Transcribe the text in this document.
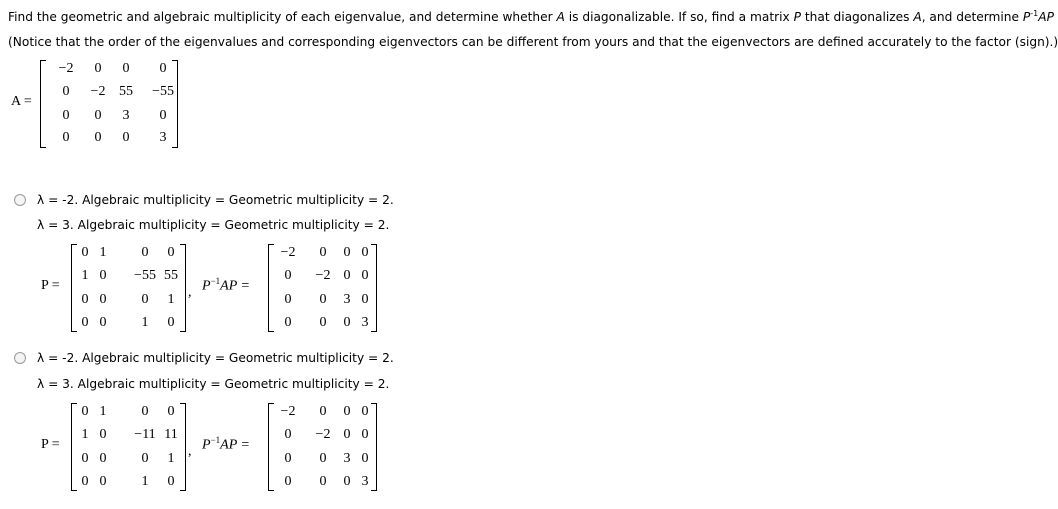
Find the geometric and algebraic multiplicity of each eigenvalue, and determine whether A is diagonalizable. If so, find a matrix P that diagonalizes A, and determine $P^{-1}AP$
(Notice that the order of the eigenvalues and corresponding eigenvectors can be different from yours and that the eigenvectors are defined accurately to the factor (sign).)
A =
−2 0 0 0
0 −2 55 −55
0 0 3 0
0 0 0 3
λ = -2. Algebraic multiplicity = Geometric multiplicity = 2.
λ = 3. Algebraic multiplicity = Geometric multiplicity = 2.
P =	, $P^{-1}AP$ =
0 1	0 0
1 0 −55 55
0 0	0 1
0 0	1 0
−2 0 0 0
0 −2 0 0
0 0 3 0
0 0 0 3
λ = -2. Algebraic multiplicity = Geometric multiplicity = 2.
λ = 3. Algebraic multiplicity = Geometric multiplicity = 2.
P =	, $P^{-1}AP$ =
0 1	0 0
1 0 −11 11
0 0	0 1
0 0	1 0
−2 0 0 0
0 −2 0 0
0 0 3 0
0 0 0 3
